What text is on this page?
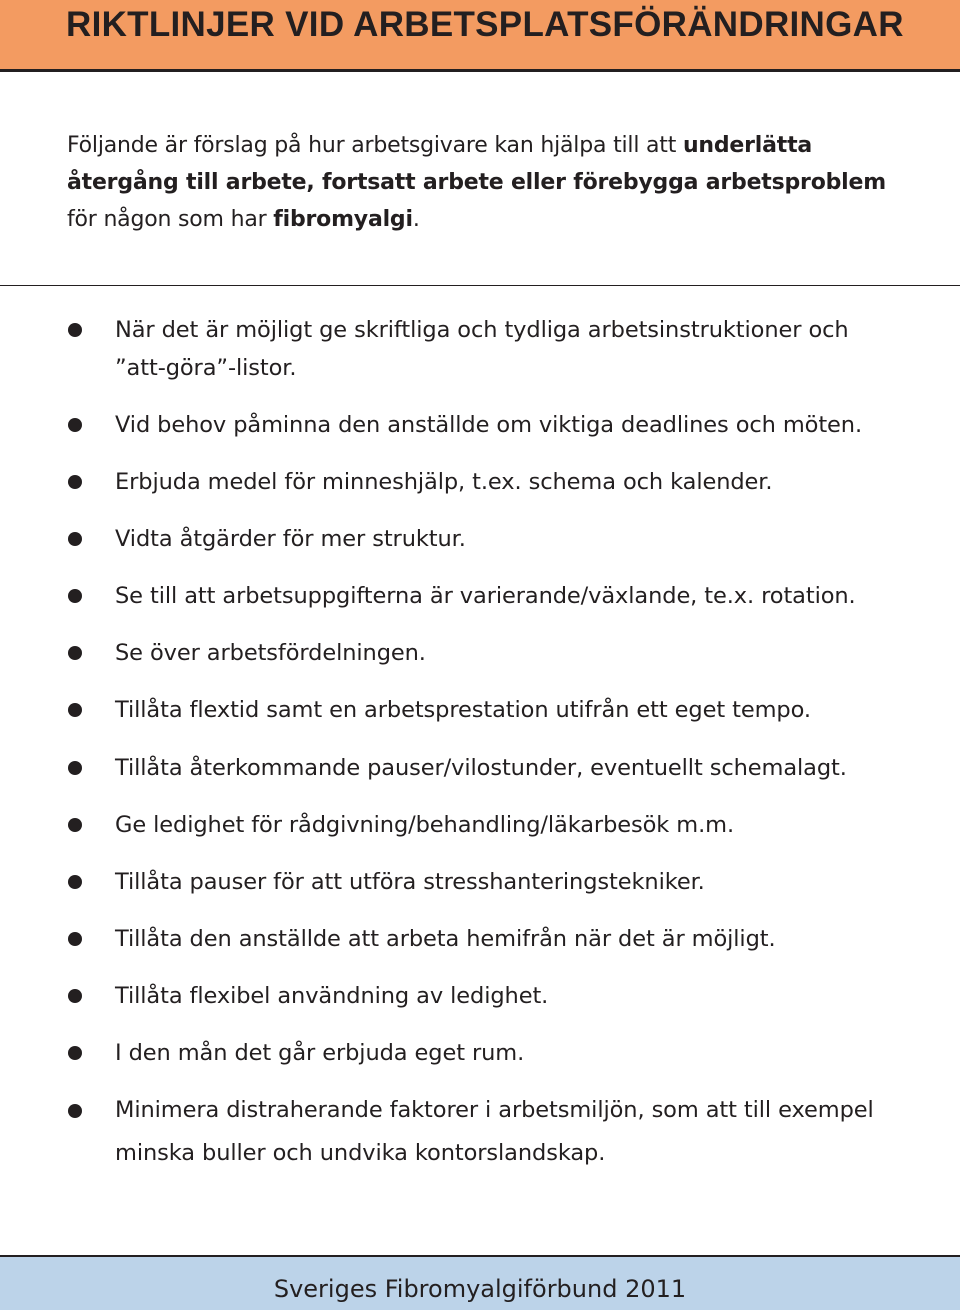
RIKTLINJER VID ARBETSPLATSFÖRÄNDRINGAR
Följande är förslag på hur arbetsgivare kan hjälpa till att underlätta återgång till arbete, fortsatt arbete eller förebygga arbetsproblem för någon som har fibromyalgi.
När det är möjligt ge skriftliga och tydliga arbetsinstruktioner och ”att-göra”-listor.
Vid behov påminna den anställde om viktiga deadlines och möten.
Erbjuda medel för minneshjälp, t.ex. schema och kalender.
Vidta åtgärder för mer struktur.
Se till att arbetsuppgifterna är varierande/växlande, te.x. rotation.
Se över arbetsfördelningen.
Tillåta flextid samt en arbetsprestation utifrån ett eget tempo.
Tillåta återkommande pauser/vilostunder, eventuellt schemalagt.
Ge ledighet för rådgivning/behandling/läkarbesök m.m.
Tillåta pauser för att utföra stresshanteringstekniker.
Tillåta den anställde att arbeta hemifrån när det är möjligt.
Tillåta flexibel användning av ledighet.
I den mån det går erbjuda eget rum.
Minimera distraherande faktorer i arbetsmiljön, som att till exempel minska buller och undvika kontorslandskap.
Sveriges Fibromyalgiförbund 2011
